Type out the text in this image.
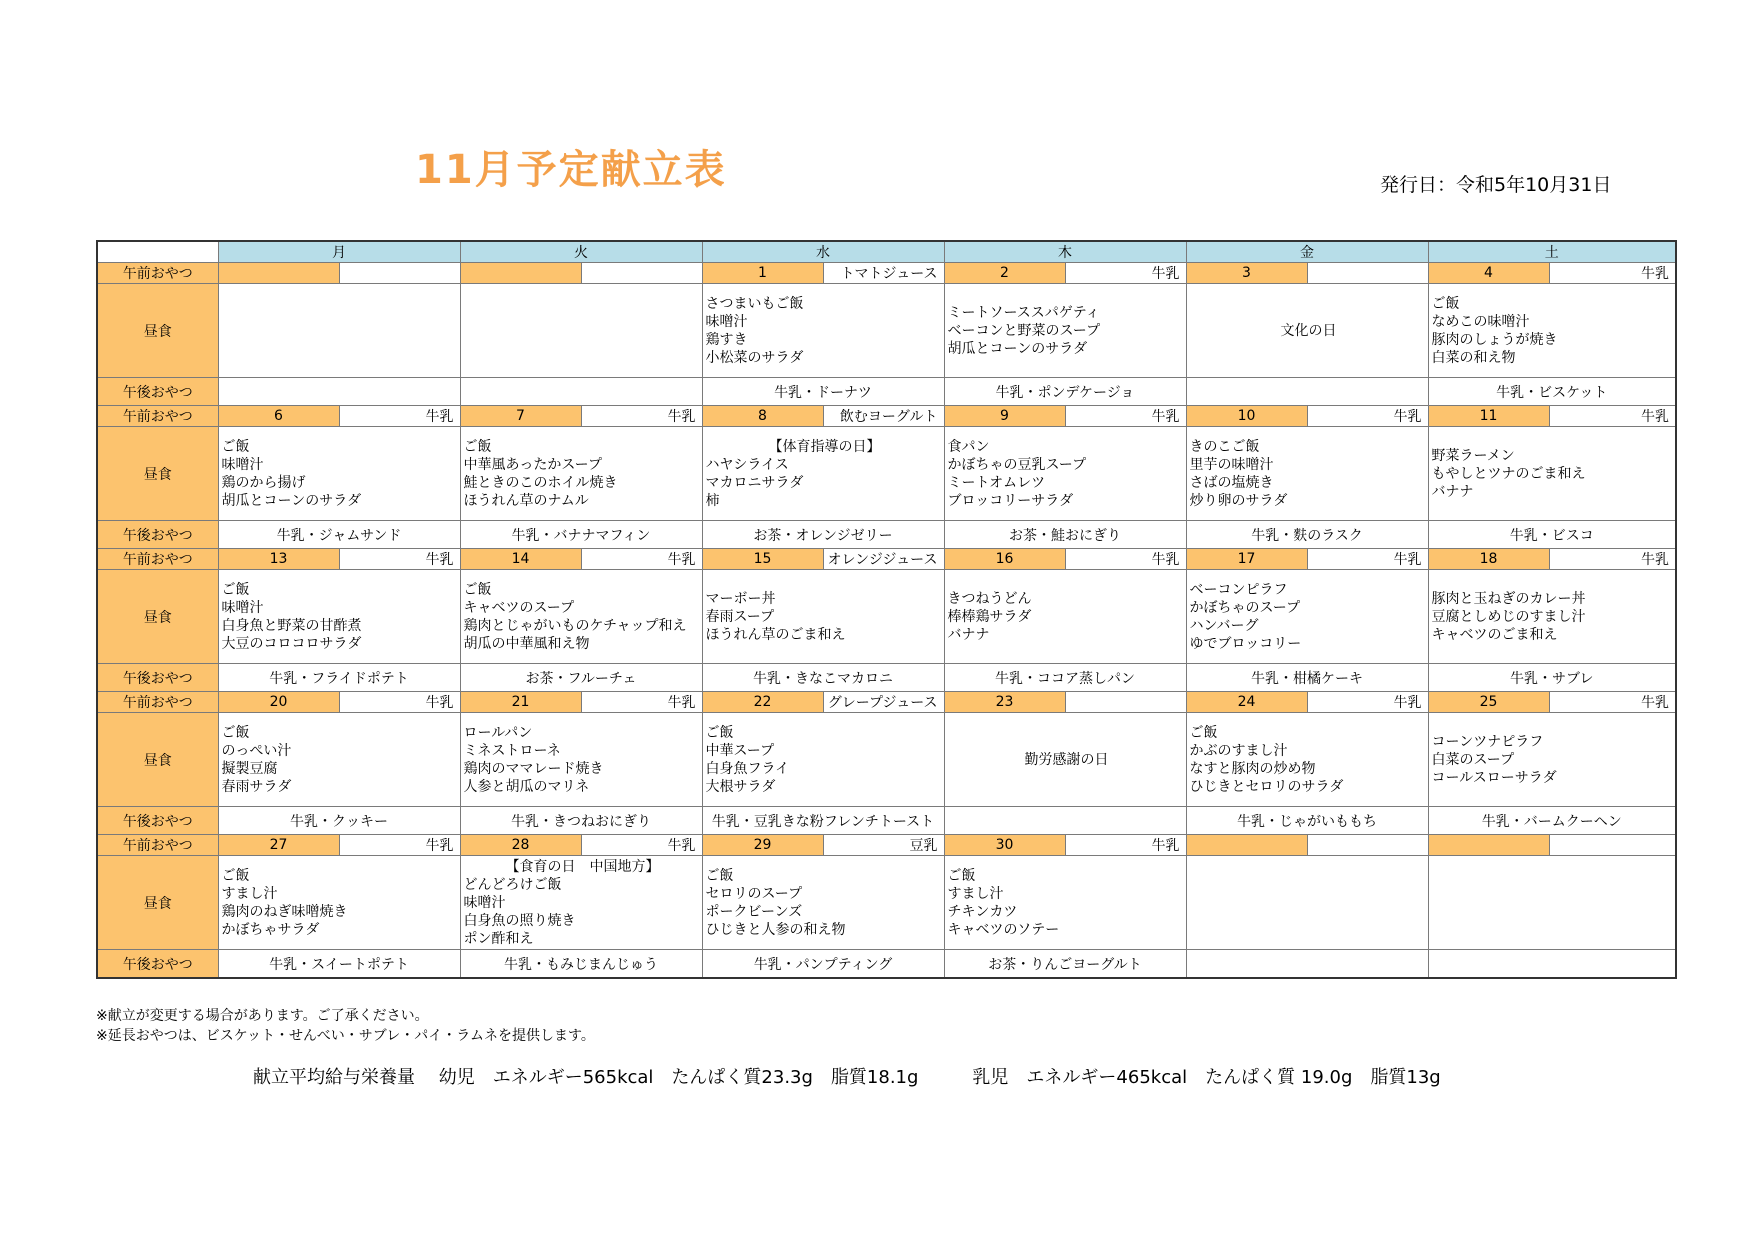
11月予定献立表	発行日：令和5年10月31日
	月		火		水		木		金		土	
午前おやつ					1	トマトジュース	2	牛乳	3		4	牛乳
昼食					さつまいもご飯
味噌汁
鶏すき
小松菜のサラダ		ミートソーススパゲティ
ベーコンと野菜のスープ
胡瓜とコーンのサラダ		文化の日		ご飯
なめこの味噌汁
豚肉のしょうが焼き
白菜の和え物	

午後おやつ					牛乳・ドーナツ		牛乳・ポンデケージョ				牛乳・ビスケット	
午前おやつ	6	牛乳	7	牛乳	8	飲むヨーグルト	9	牛乳	10	牛乳	11	牛乳
昼食	ご飯
味噌汁
鶏のから揚げ
胡瓜とコーンのサラダ		ご飯
中華風あったかスープ
鮭ときのこのホイル焼き
ほうれん草のナムル		【体育指導の日】
ハヤシライス
マカロニサラダ
柿		食パン
かぼちゃの豆乳スープ
ミートオムレツ
ブロッコリーサラダ		きのこご飯
里芋の味噌汁
さばの塩焼き
炒り卵のサラダ		野菜ラーメン
もやしとツナのごま和え
バナナ	

午後おやつ	牛乳・ジャムサンド		牛乳・バナナマフィン		お茶・オレンジゼリー		お茶・鮭おにぎり		牛乳・麩のラスク		牛乳・ビスコ	
午前おやつ	13	牛乳	14	牛乳	15	オレンジジュース	16	牛乳	17	牛乳	18	牛乳
昼食	ご飯
味噌汁
白身魚と野菜の甘酢煮
大豆のコロコロサラダ		ご飯
キャベツのスープ
鶏肉とじゃがいものケチャップ和え
胡瓜の中華風和え物		マーボー丼
春雨スープ
ほうれん草のごま和え		きつねうどん
棒棒鶏サラダ
バナナ		ベーコンピラフ
かぼちゃのスープ
ハンバーグ
ゆでブロッコリー		豚肉と玉ねぎのカレー丼
豆腐としめじのすまし汁
キャベツのごま和え	

午後おやつ	牛乳・フライドポテト		お茶・フルーチェ		牛乳・きなこマカロニ		牛乳・ココア蒸しパン		牛乳・柑橘ケーキ		牛乳・サブレ	
午前おやつ	20	牛乳	21	牛乳	22	グレープジュース	23		24	牛乳	25	牛乳
昼食	ご飯
のっぺい汁
擬製豆腐
春雨サラダ		ロールパン
ミネストローネ
鶏肉のママレード焼き
人参と胡瓜のマリネ		ご飯
中華スープ
白身魚フライ
大根サラダ		勤労感謝の日		ご飯
かぶのすまし汁
なすと豚肉の炒め物
ひじきとセロリのサラダ		コーンツナピラフ
白菜のスープ
コールスローサラダ	

午後おやつ	牛乳・クッキー		牛乳・きつねおにぎり		牛乳・豆乳きな粉フレンチトースト				牛乳・じゃがいももち		牛乳・バームクーヘン	
午前おやつ	27	牛乳	28	牛乳	29	豆乳	30	牛乳				
昼食	ご飯
すまし汁
鶏肉のねぎ味噌焼き
かぼちゃサラダ		【食育の日　中国地方】
どんどろけご飯
味噌汁
白身魚の照り焼き
ポン酢和え		ご飯
セロリのスープ
ポークビーンズ
ひじきと人参の和え物		ご飯
すまし汁
チキンカツ
キャベツのソテー					

午後おやつ	牛乳・スイートポテト		牛乳・もみじまんじゅう		牛乳・パンプティング		お茶・りんごヨーグルト					
※献立が変更する場合があります。ご了承ください。
※延長おやつは、ビスケット・せんべい・サブレ・パイ・ラムネを提供します。
献立平均給与栄養量　 幼児　エネルギー565kcal　たんぱく質23.3g　脂質18.1g　　　乳児　エネルギー465kcal　たんぱく質 19.0g　脂質13g
